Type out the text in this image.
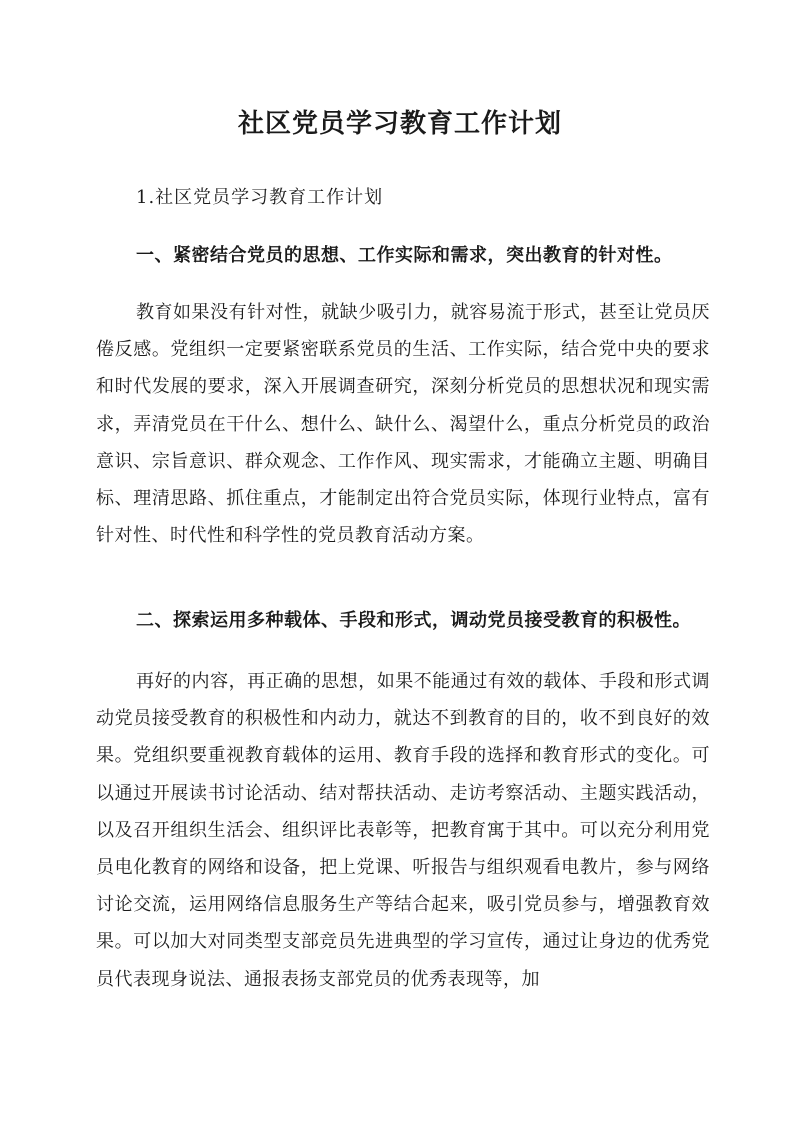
社区党员学习教育工作计划

1.社区党员学习教育工作计划

一、紧密结合党员的思想、工作实际和需求，突出教育的针对性。

教育如果没有针对性，就缺少吸引力，就容易流于形式，甚至让党员厌倦反感。党组织一定要紧密联系党员的生活、工作实际，结合党中央的要求和时代发展的要求，深入开展调查研究，深刻分析党员的思想状况和现实需求，弄清党员在干什么、想什么、缺什么、渴望什么，重点分析党员的政治意识、宗旨意识、群众观念、工作作风、现实需求，才能确立主题、明确目标、理清思路、抓住重点，才能制定出符合党员实际，体现行业特点，富有针对性、时代性和科学性的党员教育活动方案。

二、探索运用多种载体、手段和形式，调动党员接受教育的积极性。

再好的内容，再正确的思想，如果不能通过有效的载体、手段和形式调动党员接受教育的积极性和内动力，就达不到教育的目的，收不到良好的效果。党组织要重视教育载体的运用、教育手段的选择和教育形式的变化。可以通过开展读书讨论活动、结对帮扶活动、走访考察活动、主题实践活动，以及召开组织生活会、组织评比表彰等，把教育寓于其中。可以充分利用党员电化教育的网络和设备，把上党课、听报告与组织观看电教片，参与网络讨论交流，运用网络信息服务生产等结合起来，吸引党员参与，增强教育效果。可以加大对同类型支部竞员先进典型的学习宣传，通过让身边的优秀党员代表现身说法、通报表扬支部党员的优秀表现等，加
